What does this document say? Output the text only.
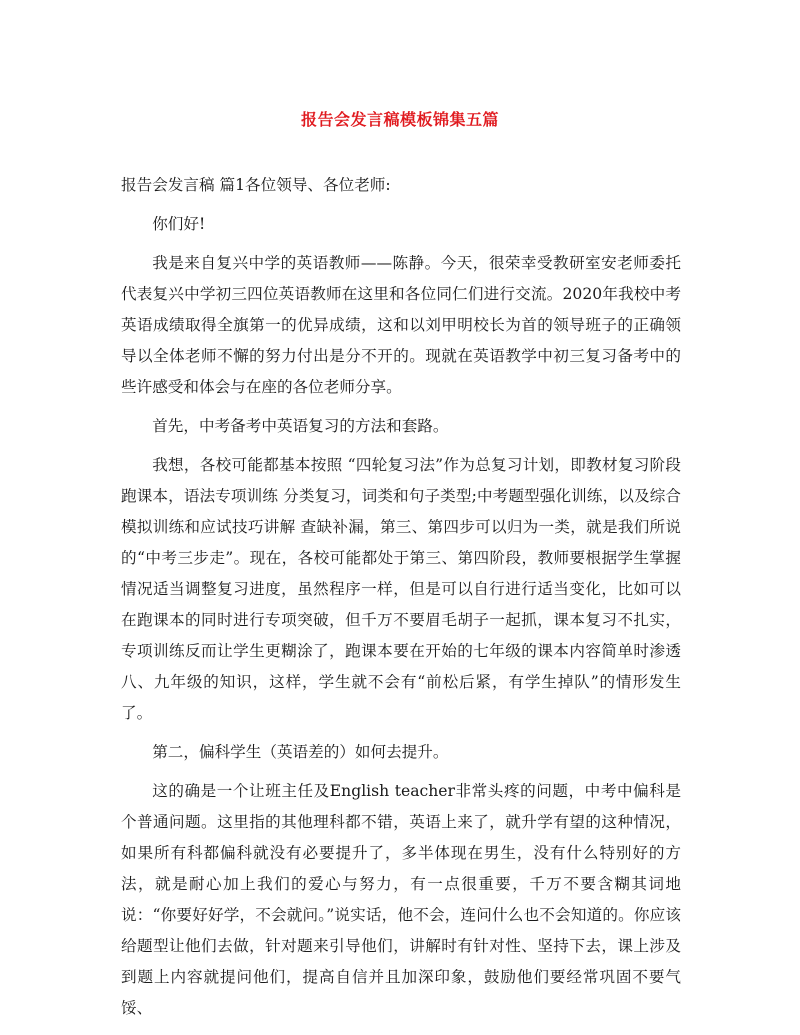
报告会发言稿模板锦集五篇

报告会发言稿 篇1各位领导、各位老师:

你们好!

我是来自复兴中学的英语教师——陈静。今天，很荣幸受教研室安老师委托代表复兴中学初三四位英语教师在这里和各位同仁们进行交流。2020年我校中考英语成绩取得全旗第一的优异成绩，这和以刘甲明校长为首的领导班子的正确领导以全体老师不懈的努力付出是分不开的。现就在英语教学中初三复习备考中的些许感受和体会与在座的各位老师分享。

首先，中考备考中英语复习的方法和套路。

我想，各校可能都基本按照 “四轮复习法”作为总复习计划，即教材复习阶段 跑课本，语法专项训练 分类复习，词类和句子类型;中考题型强化训练，以及综合模拟训练和应试技巧讲解 查缺补漏，第三、第四步可以归为一类，就是我们所说的“中考三步走”。现在，各校可能都处于第三、第四阶段，教师要根据学生掌握情况适当调整复习进度，虽然程序一样，但是可以自行进行适当变化，比如可以在跑课本的同时进行专项突破，但千万不要眉毛胡子一起抓，课本复习不扎实，专项训练反而让学生更糊涂了，跑课本要在开始的七年级的课本内容简单时渗透八、九年级的知识，这样，学生就不会有“前松后紧，有学生掉队”的情形发生了。

第二，偏科学生（英语差的）如何去提升。

这的确是一个让班主任及English teacher非常头疼的问题，中考中偏科是个普通问题。这里指的其他理科都不错，英语上来了，就升学有望的这种情况，如果所有科都偏科就没有必要提升了，多半体现在男生，没有什么特别好的方法，就是耐心加上我们的爱心与努力，有一点很重要，千万不要含糊其词地说：“你要好好学，不会就问。”说实话，他不会，连问什么也不会知道的。你应该给题型让他们去做，针对题来引导他们，讲解时有针对性、坚持下去，课上涉及到题上内容就提问他们，提高自信并且加深印象，鼓励他们要经常巩固不要气馁、
